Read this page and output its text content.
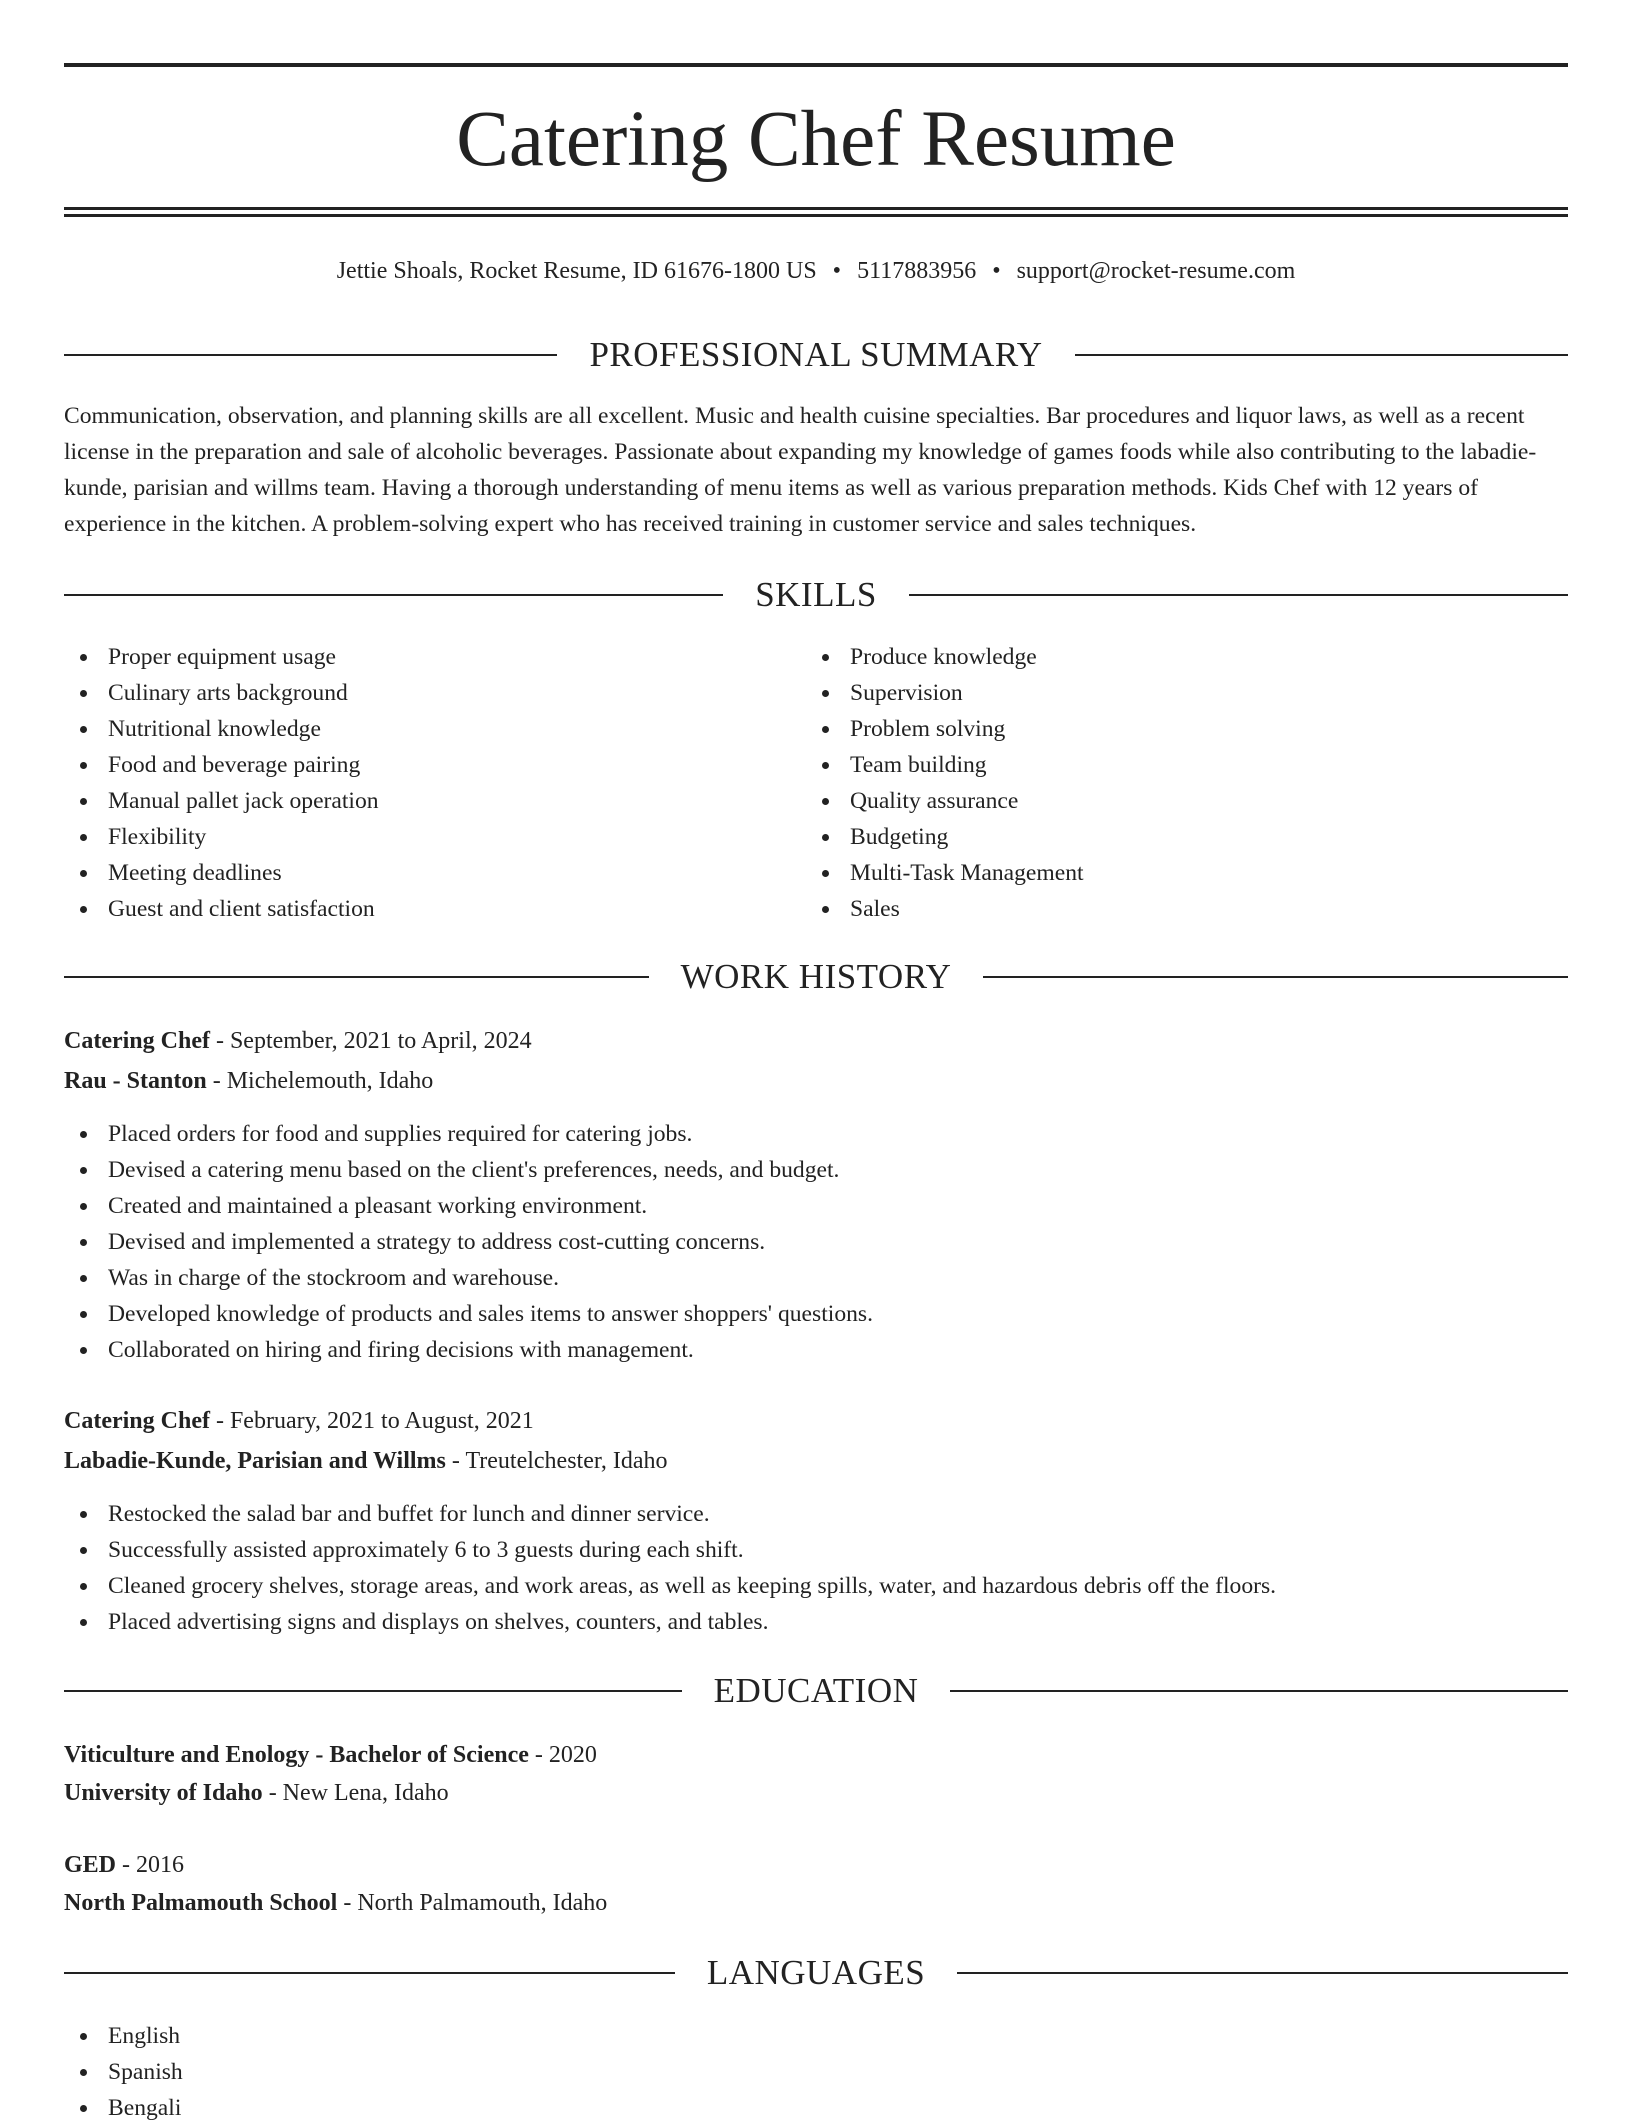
Catering Chef Resume
Jettie Shoals, Rocket Resume, ID 61676-1800 US • 5117883956 • support@rocket-resume.com
PROFESSIONAL SUMMARY
Communication, observation, and planning skills are all excellent. Music and health cuisine specialties. Bar procedures and liquor laws, as well as a recent license in the preparation and sale of alcoholic beverages. Passionate about expanding my knowledge of games foods while also contributing to the labadie-kunde, parisian and willms team. Having a thorough understanding of menu items as well as various preparation methods. Kids Chef with 12 years of experience in the kitchen. A problem-solving expert who has received training in customer service and sales techniques.
SKILLS
Proper equipment usage
Culinary arts background
Nutritional knowledge
Food and beverage pairing
Manual pallet jack operation
Flexibility
Meeting deadlines
Guest and client satisfaction
Produce knowledge
Supervision
Problem solving
Team building
Quality assurance
Budgeting
Multi-Task Management
Sales
WORK HISTORY
Catering Chef - September, 2021 to April, 2024
Rau - Stanton - Michelemouth, Idaho
Placed orders for food and supplies required for catering jobs.
Devised a catering menu based on the client's preferences, needs, and budget.
Created and maintained a pleasant working environment.
Devised and implemented a strategy to address cost-cutting concerns.
Was in charge of the stockroom and warehouse.
Developed knowledge of products and sales items to answer shoppers' questions.
Collaborated on hiring and firing decisions with management.
Catering Chef - February, 2021 to August, 2021
Labadie-Kunde, Parisian and Willms - Treutelchester, Idaho
Restocked the salad bar and buffet for lunch and dinner service.
Successfully assisted approximately 6 to 3 guests during each shift.
Cleaned grocery shelves, storage areas, and work areas, as well as keeping spills, water, and hazardous debris off the floors.
Placed advertising signs and displays on shelves, counters, and tables.
EDUCATION
Viticulture and Enology - Bachelor of Science - 2020
University of Idaho - New Lena, Idaho
GED - 2016
North Palmamouth School - North Palmamouth, Idaho
LANGUAGES
English
Spanish
Bengali
